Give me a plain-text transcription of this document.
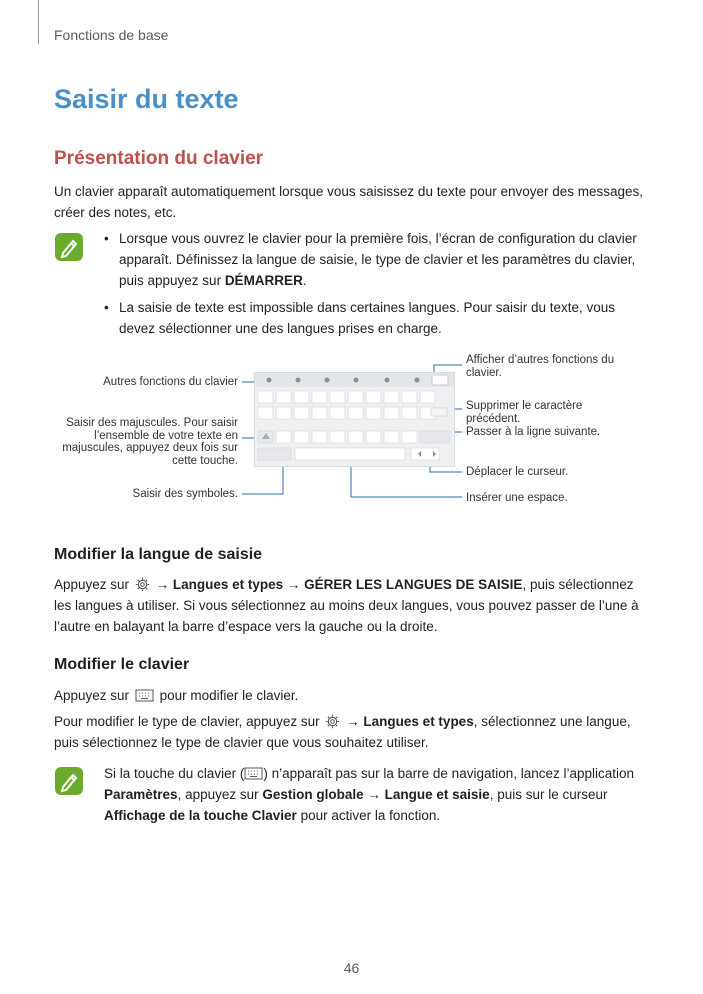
Fonctions de base
Saisir du texte
Présentation du clavier

Un clavier apparaît automatiquement lorsque vous saisissez du texte pour envoyer des messages, créer des notes, etc.

• Lorsque vous ouvrez le clavier pour la première fois, l’écran de configuration du clavier apparaît. Définissez la langue de saisie, le type de clavier et les paramètres du clavier, puis appuyez sur DÉMARRER.
• La saisie de texte est impossible dans certaines langues. Pour saisir du texte, vous devez sélectionner une des langues prises en charge.
Autres fonctions du clavier
Saisir des majuscules. Pour saisir l’ensemble de votre texte en majuscules, appuyez deux fois sur cette touche.
Saisir des symboles.
Afficher d’autres fonctions du clavier.
Supprimer le caractère précédent.
Passer à la ligne suivante.
Déplacer le curseur.
Insérer une espace.
Modifier la langue de saisie

Appuyez sur → Langues et types → GÉRER LES LANGUES DE SAISIE, puis sélectionnez les langues à utiliser. Si vous sélectionnez au moins deux langues, vous pouvez passer de l’une à l’autre en balayant la barre d’espace vers la gauche ou la droite.

Modifier le clavier

Appuyez sur pour modifier le clavier.

Pour modifier le type de clavier, appuyez sur → Langues et types, sélectionnez une langue, puis sélectionnez le type de clavier que vous souhaitez utiliser.

Si la touche du clavier ( ) n’apparaît pas sur la barre de navigation, lancez l’application Paramètres, appuyez sur Gestion globale → Langue et saisie, puis sur le curseur Affichage de la touche Clavier pour activer la fonction.

46
